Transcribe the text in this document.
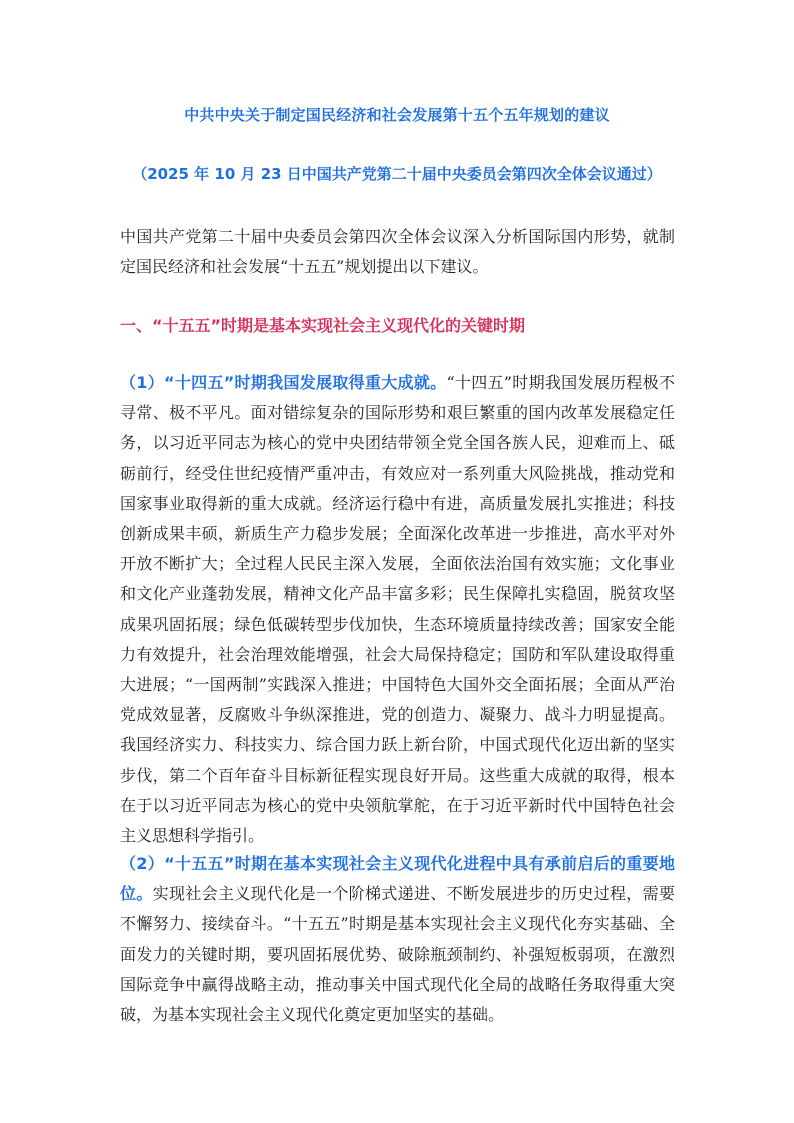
中共中央关于制定国民经济和社会发展第十五个五年规划的建议
（2025 年 10 月 23 日中国共产党第二十届中央委员会第四次全体会议通过）
中国共产党第二十届中央委员会第四次全体会议深入分析国际国内形势，就制定国民经济和社会发展“十五五”规划提出以下建议。
一、“十五五”时期是基本实现社会主义现代化的关键时期
（1）“十四五”时期我国发展取得重大成就。“十四五”时期我国发展历程极不寻常、极不平凡。面对错综复杂的国际形势和艰巨繁重的国内改革发展稳定任务，以习近平同志为核心的党中央团结带领全党全国各族人民，迎难而上、砥砺前行，经受住世纪疫情严重冲击，有效应对一系列重大风险挑战，推动党和国家事业取得新的重大成就。经济运行稳中有进，高质量发展扎实推进；科技创新成果丰硕，新质生产力稳步发展；全面深化改革进一步推进，高水平对外开放不断扩大；全过程人民民主深入发展，全面依法治国有效实施；文化事业和文化产业蓬勃发展，精神文化产品丰富多彩；民生保障扎实稳固，脱贫攻坚成果巩固拓展；绿色低碳转型步伐加快，生态环境质量持续改善；国家安全能力有效提升，社会治理效能增强，社会大局保持稳定；国防和军队建设取得重大进展；“一国两制”实践深入推进；中国特色大国外交全面拓展；全面从严治党成效显著，反腐败斗争纵深推进，党的创造力、凝聚力、战斗力明显提高。我国经济实力、科技实力、综合国力跃上新台阶，中国式现代化迈出新的坚实步伐，第二个百年奋斗目标新征程实现良好开局。这些重大成就的取得，根本在于以习近平同志为核心的党中央领航掌舵，在于习近平新时代中国特色社会主义思想科学指引。
（2）“十五五”时期在基本实现社会主义现代化进程中具有承前启后的重要地位。实现社会主义现代化是一个阶梯式递进、不断发展进步的历史过程，需要不懈努力、接续奋斗。“十五五”时期是基本实现社会主义现代化夯实基础、全面发力的关键时期，要巩固拓展优势、破除瓶颈制约、补强短板弱项，在激烈国际竞争中赢得战略主动，推动事关中国式现代化全局的战略任务取得重大突破，为基本实现社会主义现代化奠定更加坚实的基础。
